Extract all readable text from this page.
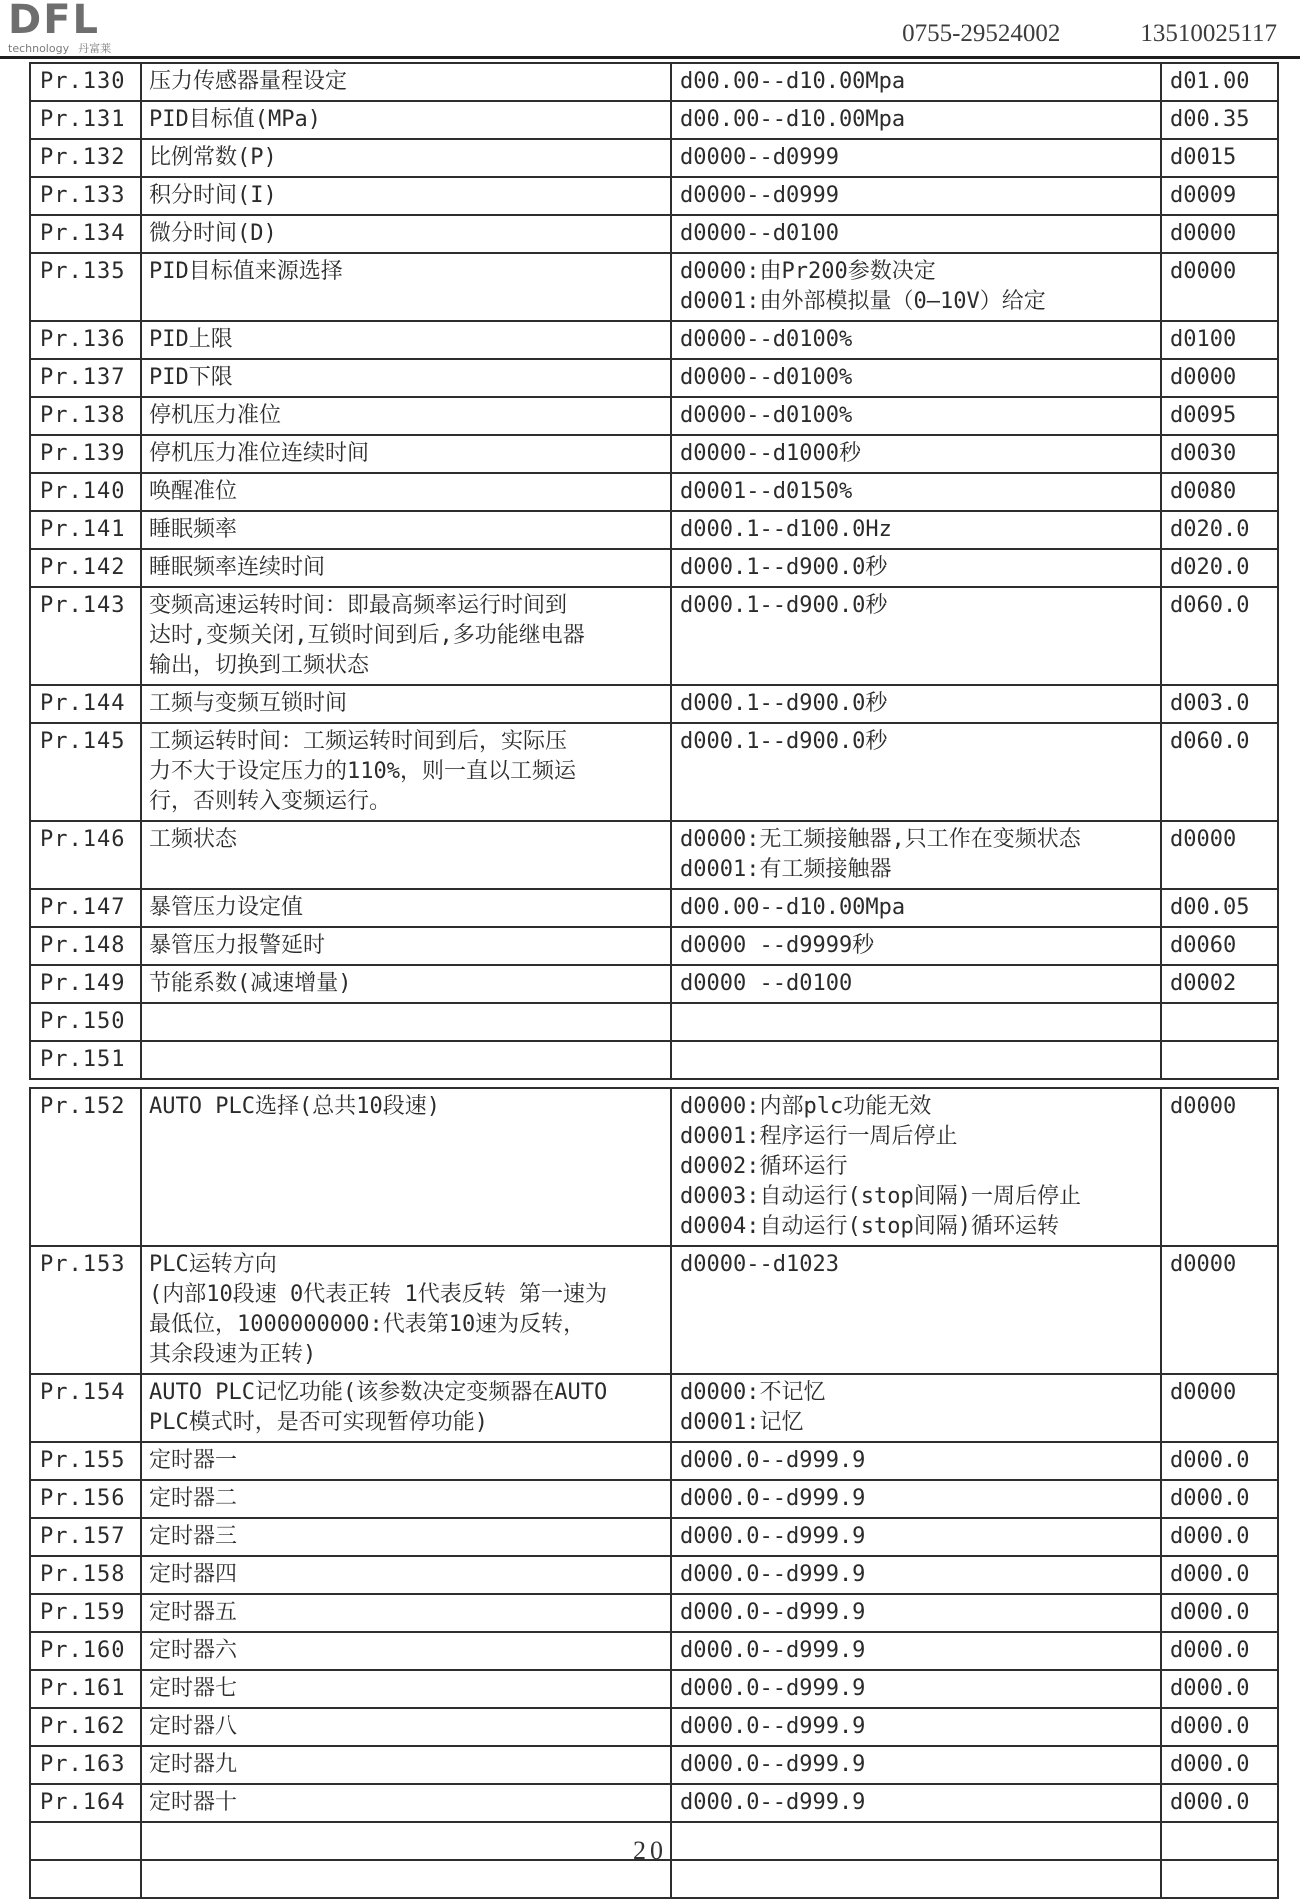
DFL
technology 丹富莱
0755-29524002	13510025117
Pr.130	压力传感器量程设定	d00.00--d10.00Mpa	d01.00
Pr.131	PID目标值(MPa)	d00.00--d10.00Mpa	d00.35
Pr.132	比例常数(P)	d0000--d0999	d0015
Pr.133	积分时间(I)	d0000--d0999	d0009
Pr.134	微分时间(D)	d0000--d0100	d0000
Pr.135	PID目标值来源选择	d0000:由Pr200参数决定
d0001:由外部模拟量（0—10V）给定	d0000
Pr.136	PID上限	d0000--d0100%	d0100
Pr.137	PID下限	d0000--d0100%	d0000
Pr.138	停机压力准位	d0000--d0100%	d0095
Pr.139	停机压力准位连续时间	d0000--d1000秒	d0030
Pr.140	唤醒准位	d0001--d0150%	d0080
Pr.141	睡眠频率	d000.1--d100.0Hz	d020.0
Pr.142	睡眠频率连续时间	d000.1--d900.0秒	d020.0
Pr.143	变频高速运转时间：即最高频率运行时间到
达时,变频关闭,互锁时间到后,多功能继电器
输出，切换到工频状态	d000.1--d900.0秒	d060.0
Pr.144	工频与变频互锁时间	d000.1--d900.0秒	d003.0
Pr.145	工频运转时间：工频运转时间到后，实际压
力不大于设定压力的110%，则一直以工频运
行，否则转入变频运行。	d000.1--d900.0秒	d060.0
Pr.146	工频状态	d0000:无工频接触器,只工作在变频状态
d0001:有工频接触器	d0000
Pr.147	暴管压力设定值	d00.00--d10.00Mpa	d00.05
Pr.148	暴管压力报警延时	d0000 --d9999秒	d0060
Pr.149	节能系数(减速增量)	d0000 --d0100	d0002
Pr.150			
Pr.151			
Pr.152	AUTO PLC选择(总共10段速)	d0000:内部plc功能无效
d0001:程序运行一周后停止
d0002:循环运行
d0003:自动运行(stop间隔)一周后停止
d0004:自动运行(stop间隔)循环运转	d0000
Pr.153	PLC运转方向
(内部10段速 0代表正转 1代表反转 第一速为
最低位，1000000000:代表第10速为反转，
其余段速为正转)	d0000--d1023	d0000
Pr.154	AUTO PLC记忆功能(该参数决定变频器在AUTO
PLC模式时，是否可实现暂停功能)	d0000:不记忆
d0001:记忆	d0000
Pr.155	定时器一	d000.0--d999.9	d000.0
Pr.156	定时器二	d000.0--d999.9	d000.0
Pr.157	定时器三	d000.0--d999.9	d000.0
Pr.158	定时器四	d000.0--d999.9	d000.0
Pr.159	定时器五	d000.0--d999.9	d000.0
Pr.160	定时器六	d000.0--d999.9	d000.0
Pr.161	定时器七	d000.0--d999.9	d000.0
Pr.162	定时器八	d000.0--d999.9	d000.0
Pr.163	定时器九	d000.0--d999.9	d000.0
Pr.164	定时器十	d000.0--d999.9	d000.0

20
